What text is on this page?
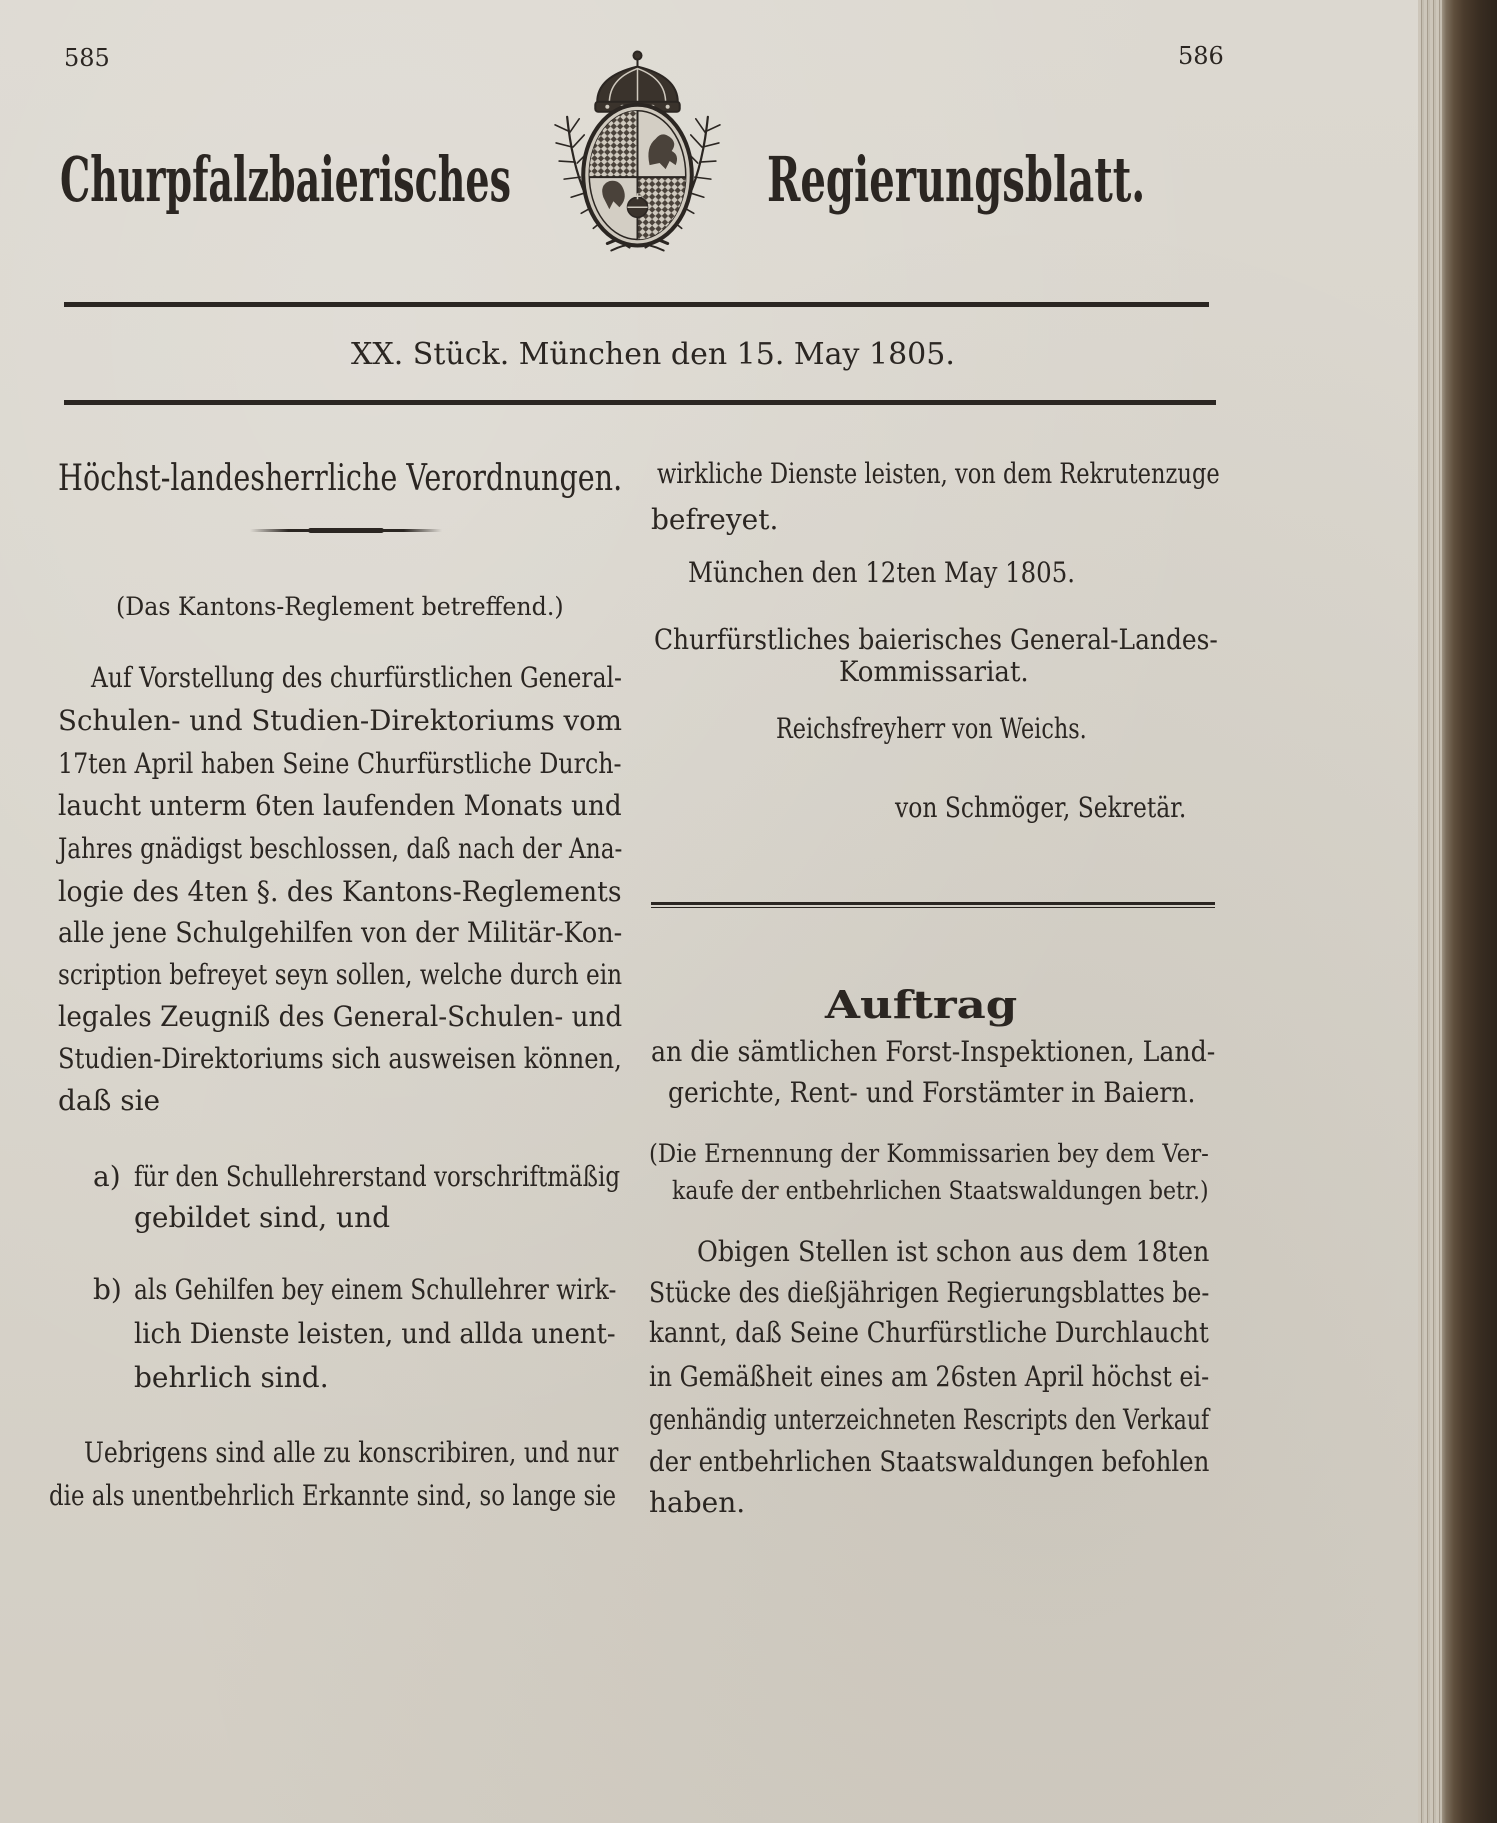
585	586
Churpfalzbaierisches	Regierungsblatt.
XX. Stück. München den 15. May 1805.
Höchst-landesherrliche Verordnungen.
(Das Kantons-Reglement betreffend.)
Auf Vorstellung des churfürstlichen General-
Schulen- und Studien-Direktoriums vom
17ten April haben Seine Churfürstliche Durch-
laucht unterm 6ten laufenden Monats und
Jahres gnädigst beschlossen, daß nach der Ana-
logie des 4ten §. des Kantons-Reglements
alle jene Schulgehilfen von der Militär-Kon-
scription befreyet seyn sollen, welche durch ein
legales Zeugniß des General-Schulen- und
Studien-Direktoriums sich ausweisen können,
daß sie
a) für den Schullehrerstand vorschriftmäßig
gebildet sind, und
b) als Gehilfen bey einem Schullehrer wirk-
lich Dienste leisten, und allda unent-
behrlich sind.
Uebrigens sind alle zu konscribiren, und nur
die als unentbehrlich Erkannte sind, so lange sie
wirkliche Dienste leisten, von dem Rekrutenzuge
befreyet.
München den 12ten May 1805.
Churfürstliches baierisches General-Landes-
Kommissariat.
Reichsfreyherr von Weichs.
von Schmöger, Sekretär.
Auftrag
an die sämtlichen Forst-Inspektionen, Land-
gerichte, Rent- und Forstämter in Baiern.
(Die Ernennung der Kommissarien bey dem Ver-
kaufe der entbehrlichen Staatswaldungen betr.)
Obigen Stellen ist schon aus dem 18ten
Stücke des dießjährigen Regierungsblattes be-
kannt, daß Seine Churfürstliche Durchlaucht
in Gemäßheit eines am 26sten April höchst ei-
genhändig unterzeichneten Rescripts den Verkauf
der entbehrlichen Staatswaldungen befohlen
haben.
